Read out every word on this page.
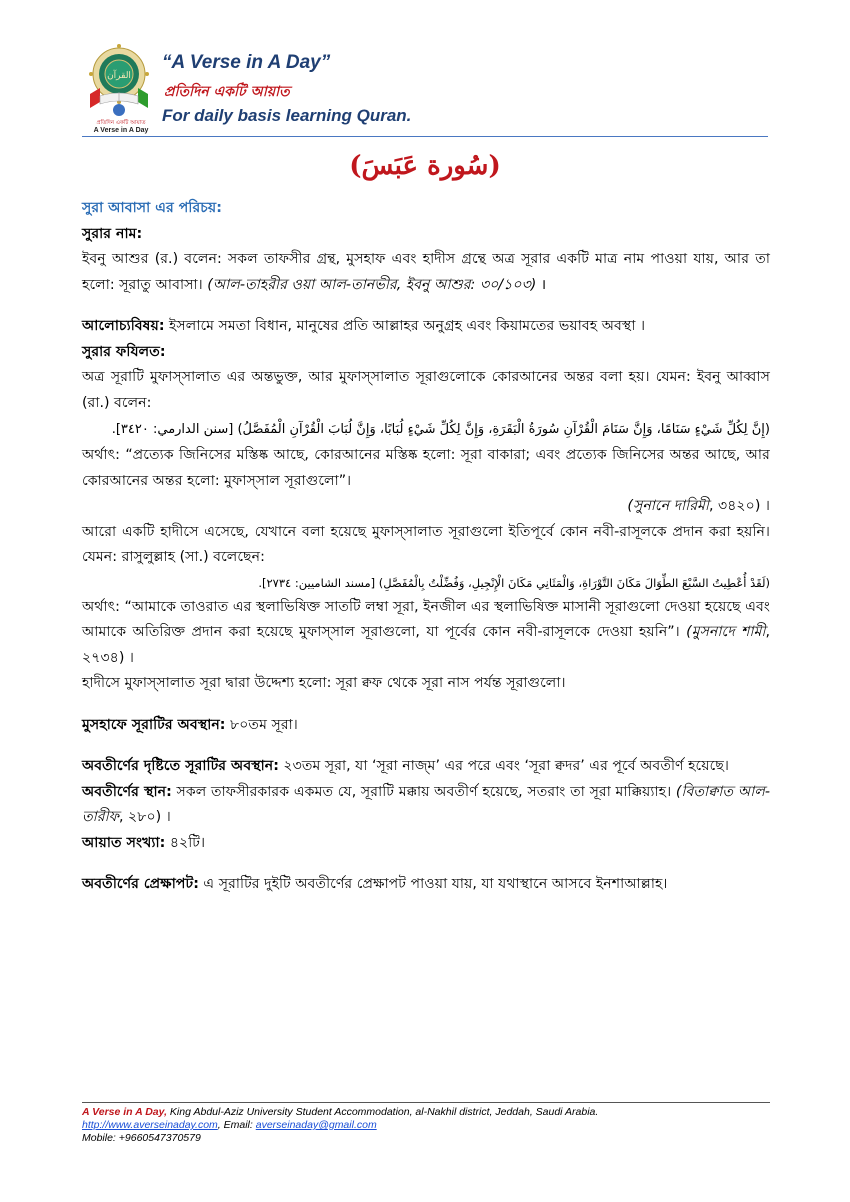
القرآن
প্রতিদিন একটি আয়াত
A Verse in A Day
“A Verse in A Day”
প্রতিদিন একটি আয়াত
For daily basis learning Quran.
(سُورة عَبَسَ)

সুরা আবাসা এর পরিচয়:

সুরার নাম:

ইবনু আশুর (র.) বলেন: সকল তাফসীর গ্রন্থ, মুসহাফ এবং হাদীস গ্রন্থে অত্র সূরার একটি মাত্র নাম পাওয়া যায়, আর তা হলো: সূরাতু আবাসা। (আল-তাহরীর ওয়া আল-তানভীর, ইবনু আশুর: ৩০/১০৩) ।

আলোচ্যবিষয়: ইসলামে সমতা বিধান, মানুষের প্রতি আল্লাহর অনুগ্রহ এবং কিয়ামতের ভয়াবহ অবস্থা ।

সুরার ফযিলত:

অত্র সূরাটি মুফাস্সালাত এর অন্তভুক্ত, আর মুফাস্সালাত সূরাগুলোকে কোরআনের অন্তর বলা হয়। যেমন: ইবনু আব্বাস (রা.) বলেন:

(إِنَّ لِكُلِّ شَيْءٍ سَنَامًا، وَإِنَّ سَنَامَ الْقُرْآنِ سُورَةُ الْبَقَرَةِ، وَإِنَّ لِكُلِّ شَيْءٍ لُبَابًا، وَإِنَّ لُبَابَ الْقُرْآنِ الْمُفَصَّلُ) [سنن الدارمي: ٣٤٢٠].

অর্থাৎ: “প্রত্যেক জিনিসের মস্তিষ্ক আছে, কোরআনের মস্তিষ্ক হলো: সূরা বাকারা; এবং প্রত্যেক জিনিসের অন্তর আছে, আর কোরআনের অন্তর হলো: মুফাস্সাল সূরাগুলো”।

(সুনানে দারিমী, ৩৪২০) ।

আরো একটি হাদীসে এসেছে, যেখানে বলা হয়েছে মুফাস্সালাত সূরাগুলো ইতিপূর্বে কোন নবী-রাসূলকে প্রদান করা হয়নি। যেমন: রাসুলুল্লাহ (সা.) বলেছেন:

(لَقَدْ أُعْطِيتُ السَّبْعَ الطِّوَالَ مَكَانَ التَّوْرَاةِ، وَالْمَثَانِي مَكَانَ الْإِنْجِيلِ، وَفُضِّلْتُ بِالْمُفَصَّلِ) [مسند الشاميين: ٢٧٣٤].

অর্থাৎ: “আমাকে তাওরাত এর স্থলাভিষিক্ত সাতটি লম্বা সূরা, ইনজীল এর স্থলাভিষিক্ত মাসানী সূরাগুলো দেওয়া হয়েছে এবং আমাকে অতিরিক্ত প্রদান করা হয়েছে মুফাস্সাল সূরাগুলো, যা পূর্বের কোন নবী-রাসূলকে দেওয়া হয়নি”। (মুসনাদে শামী, ২৭৩৪) ।

হাদীসে মুফাস্সালাত সূরা দ্বারা উদ্দেশ্য হলো: সূরা ক্বফ থেকে সূরা নাস পর্যন্ত সূরাগুলো।

মুসহাফে সূরাটির অবস্থান: ৮০তম সূরা।

অবতীর্ণের দৃষ্টিতে সূরাটির অবস্থান: ২৩তম সূরা, যা ‘সূরা নাজ্ম’ এর পরে এবং ‘সূরা ক্বদর’ এর পূর্বে অবতীর্ণ হয়েছে।

অবতীর্ণের স্থান: সকল তাফসীরকারক একমত যে, সূরাটি মক্কায় অবতীর্ণ হয়েছে, সতরাং তা সূরা মাক্কিয়্যাহ। (বিতাক্বাত আল-তারীফ, ২৮০) ।

আয়াত সংখ্যা: ৪২টি।

অবতীর্ণের প্রেক্ষাপট: এ সূরাটির দুইটি অবতীর্ণের প্রেক্ষাপট পাওয়া যায়, যা যথাস্থানে আসবে ইনশাআল্লাহ।

A Verse in A Day, King Abdul-Aziz University Student Accommodation, al-Nakhil district, Jeddah, Saudi Arabia.
http://www.averseinaday.com, Email: averseinaday@gmail.com
Mobile: +9660547370579
